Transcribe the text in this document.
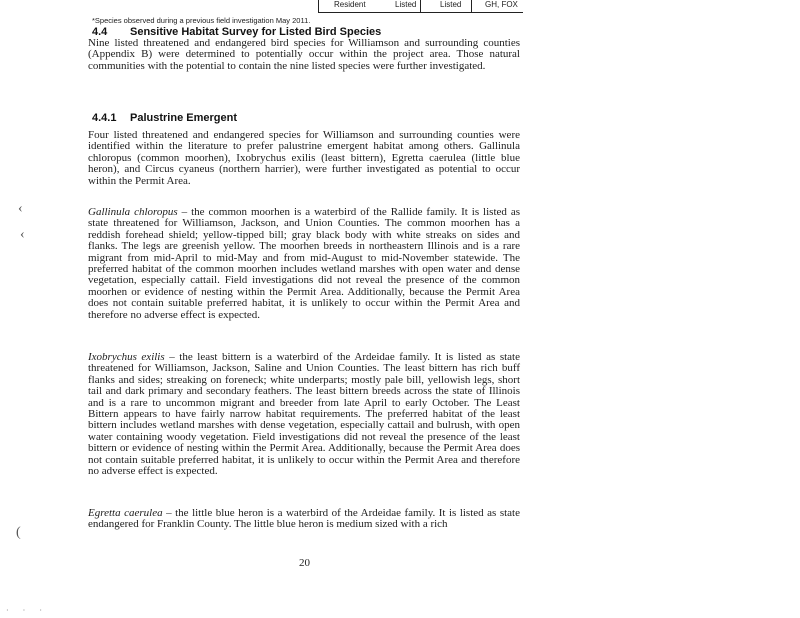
Resident	Listed	Listed	GH, FOX
*Species observed during a previous field investigation May 2011.
4.4 Sensitive Habitat Survey for Listed Bird Species

Nine listed threatened and endangered bird species for Williamson and surrounding counties (Appendix B) were determined to potentially occur within the project area. Those natural communities with the potential to contain the nine listed species were further investigated.

4.4.1 Palustrine Emergent

Four listed threatened and endangered species for Williamson and surrounding counties were identified within the literature to prefer palustrine emergent habitat among others. Gallinula chloropus (common moorhen), Ixobrychus exilis (least bittern), Egretta caerulea (little blue heron), and Circus cyaneus (northern harrier), were further investigated as potential to occur within the Permit Area.

Gallinula chloropus – the common moorhen is a waterbird of the Rallide family. It is listed as state threatened for Williamson, Jackson, and Union Counties. The common moorhen has a reddish forehead shield; yellow-tipped bill; gray black body with white streaks on sides and flanks. The legs are greenish yellow. The moorhen breeds in northeastern Illinois and is a rare migrant from mid-April to mid-May and from mid-August to mid-November statewide. The preferred habitat of the common moorhen includes wetland marshes with open water and dense vegetation, especially cattail. Field investigations did not reveal the presence of the common moorhen or evidence of nesting within the Permit Area. Additionally, because the Permit Area does not contain suitable preferred habitat, it is unlikely to occur within the Permit Area and therefore no adverse effect is expected.

Ixobrychus exilis – the least bittern is a waterbird of the Ardeidae family. It is listed as state threatened for Williamson, Jackson, Saline and Union Counties. The least bittern has rich buff flanks and sides; streaking on foreneck; white underparts; mostly pale bill, yellowish legs, short tail and dark primary and secondary feathers. The least bittern breeds across the state of Illinois and is a rare to uncommon migrant and breeder from late April to early October. The Least Bittern appears to have fairly narrow habitat requirements. The preferred habitat of the least bittern includes wetland marshes with dense vegetation, especially cattail and bulrush, with open water containing woody vegetation. Field investigations did not reveal the presence of the least bittern or evidence of nesting within the Permit Area. Additionally, because the Permit Area does not contain suitable preferred habitat, it is unlikely to occur within the Permit Area and therefore no adverse effect is expected.

Egretta caerulea – the little blue heron is a waterbird of the Ardeidae family. It is listed as state endangered for Franklin County. The little blue heron is medium sized with a rich

20
‹
‹
(
· · ·
